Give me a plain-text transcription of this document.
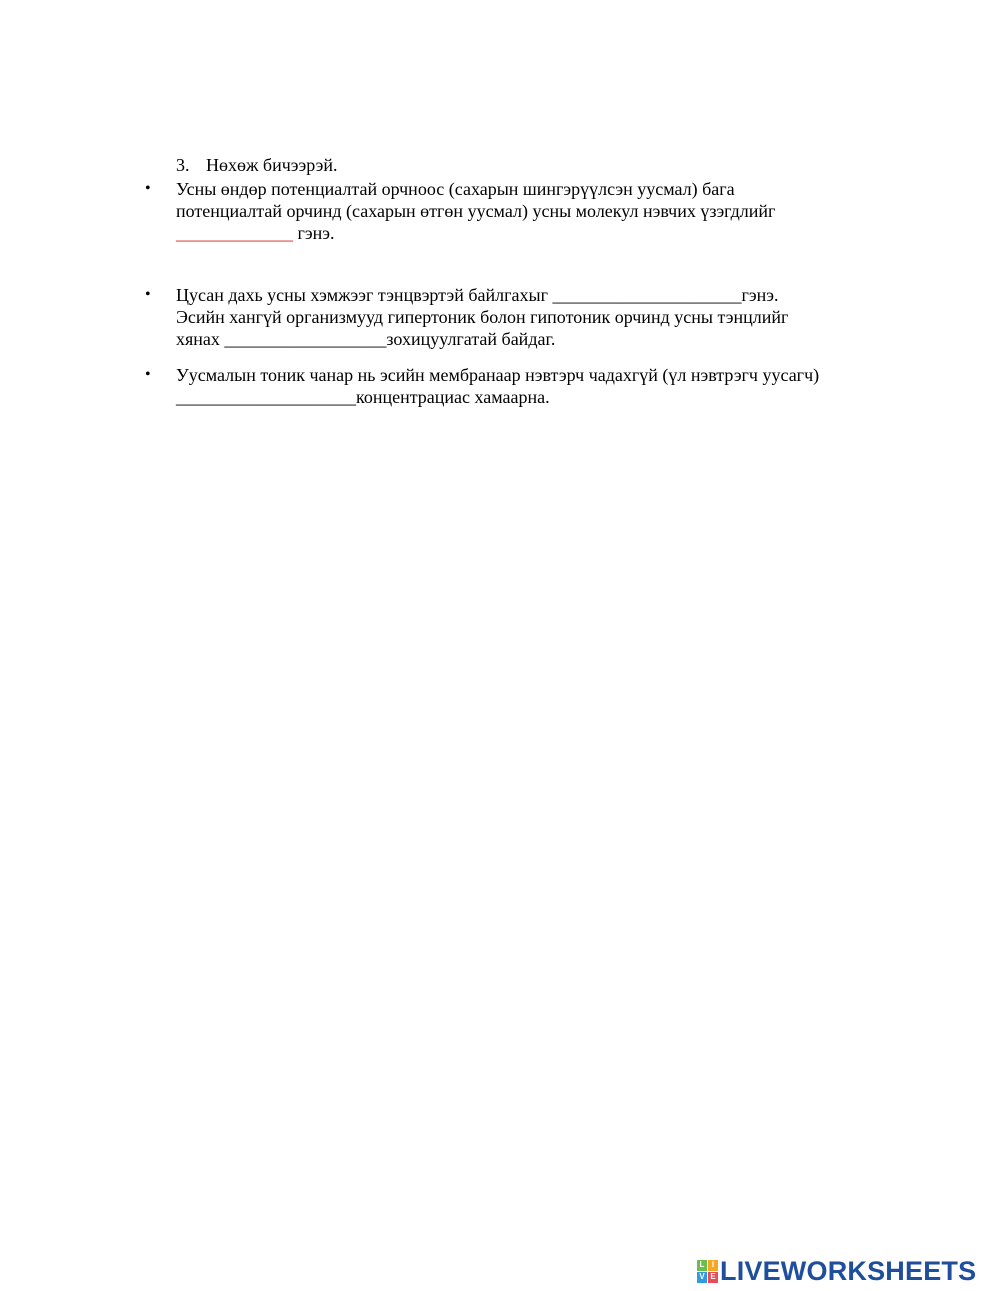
3. Нөхөж бичээрэй.
• Усны өндөр потенциалтай орчноос (сахарын шингэрүүлсэн уусмал) бага
потенциалтай орчинд (сахарын өтгөн уусмал) усны молекул нэвчих үзэгдлийг
_____________ гэнэ.
• Цусан дахь усны хэмжээг тэнцвэртэй байлгахыг _____________________гэнэ.
Эсийн хангүй организмууд гипертоник болон гипотоник орчинд усны тэнцлийг
хянах __________________зохицуулгатай байдаг.
• Уусмалын тоник чанар нь эсийн мембранаар нэвтэрч чадахгүй (үл нэвтрэгч уусагч)
____________________концентрациас хамаарна.
L I
V E LIVEWORKSHEETS
